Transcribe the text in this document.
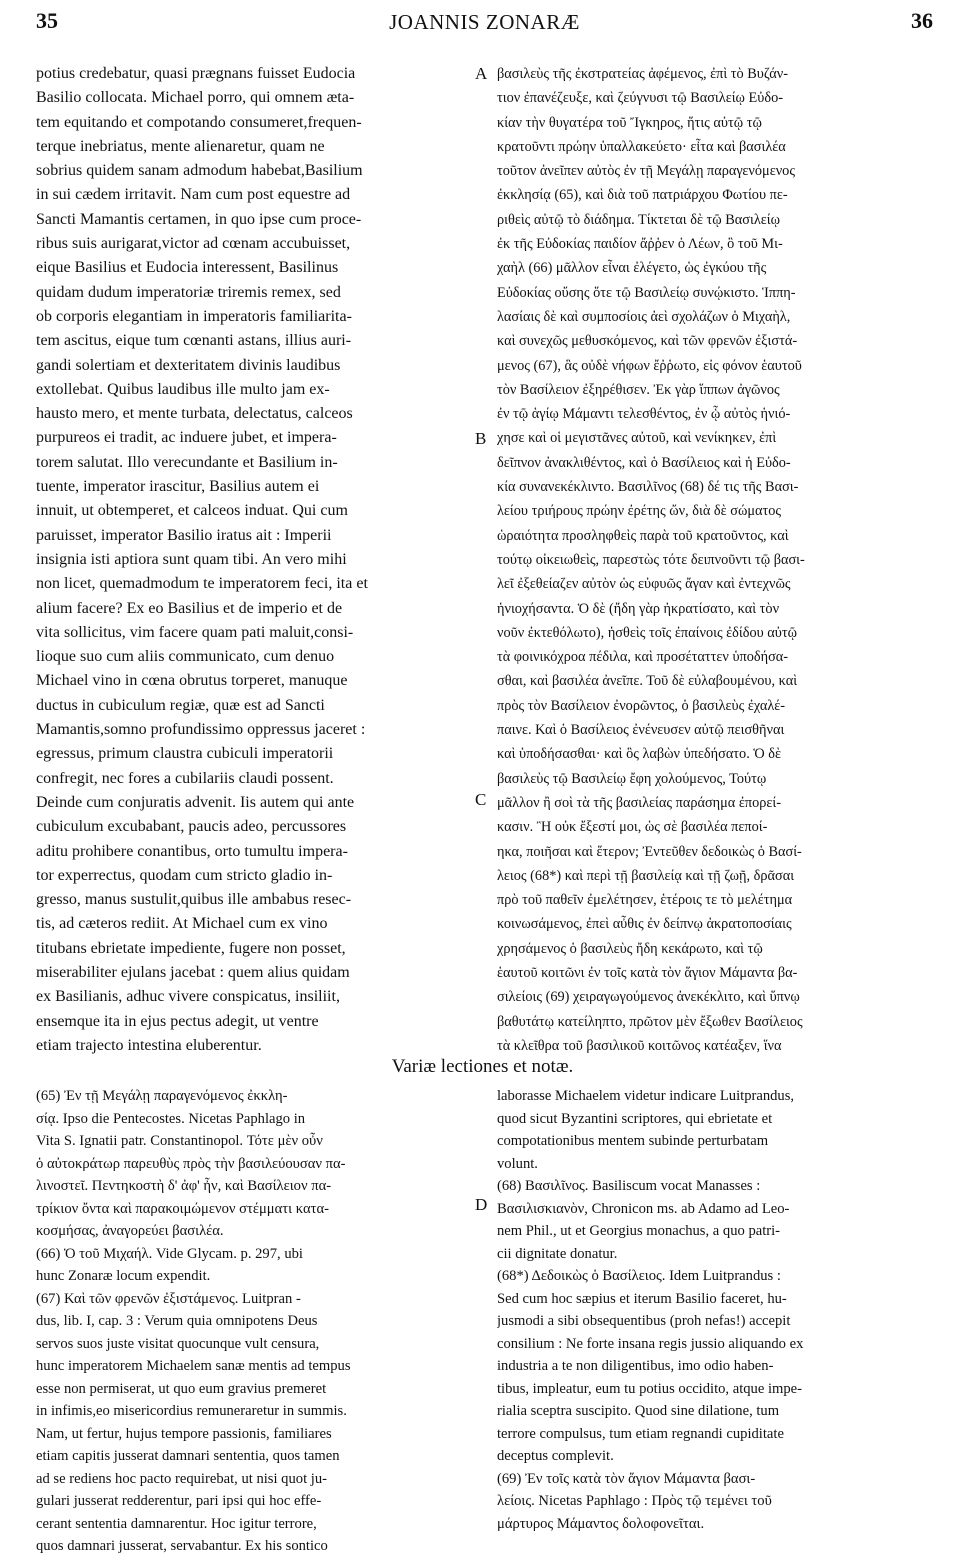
35	JOANNIS ZONARÆ	36
potius credebatur, quasi prægnans fuisset Eudocia
Basilio collocata. Michael porro, qui omnem æta-
tem equitando et compotando consumeret,frequen-
terque inebriatus, mente alienaretur, quam ne
sobrius quidem sanam admodum habebat,Basilium
in sui cædem irritavit. Nam cum post equestre ad
Sancti Mamantis certamen, in quo ipse cum proce-
ribus suis aurigarat,victor ad cœnam accubuisset,
eique Basilius et Eudocia interessent, Basilinus
quidam dudum imperatoriæ triremis remex, sed
ob corporis elegantiam in imperatoris familiarita-
tem ascitus, eique tum cœnanti astans, illius auri-
gandi solertiam et dexteritatem divinis laudibus
extollebat. Quibus laudibus ille multo jam ex-
hausto mero, et mente turbata, delectatus, calceos
purpureos ei tradit, ac induere jubet, et impera-
torem salutat. Illo verecundante et Basilium in-
tuente, imperator irascitur, Basilius autem ei
innuit, ut obtemperet, et calceos induat. Qui cum
paruisset, imperator Basilio iratus ait : Imperii
insignia isti aptiora sunt quam tibi. An vero mihi
non licet, quemadmodum te imperatorem feci, ita et
alium facere? Ex eo Basilius et de imperio et de
vita sollicitus, vim facere quam pati maluit,consi-
lioque suo cum aliis communicato, cum denuo
Michael vino in cœna obrutus torperet, manuque
ductus in cubiculum regiæ, quæ est ad Sancti
Mamantis,somno profundissimo oppressus jaceret :
egressus, primum claustra cubiculi imperatorii
confregit, nec fores a cubilariis claudi possent.
Deinde cum conjuratis advenit. Iis autem qui ante
cubiculum excubabant, paucis adeo, percussores
aditu prohibere conantibus, orto tumultu impera-
tor experrectus, quodam cum stricto gladio in-
gresso, manus sustulit,quibus ille ambabus resec-
tis, ad cæteros rediit. At Michael cum ex vino
titubans ebrietate impediente, fugere non posset,
miserabiliter ejulans jacebat : quem alius quidam
ex Basilianis, adhuc vivere conspicatus, insiliit,
ensemque ita in ejus pectus adegit, ut ventre
etiam trajecto intestina eluberentur.
βασιλεὺς τῆς ἐκστρατείας ἀφέμενος, ἐπὶ τὸ Βυζάν-
τιον ἐπανέζευξε, καὶ ζεύγνυσι τῷ Βασιλείῳ Εὐδο-
κίαν τὴν θυγατέρα τοῦ Ἴγκηρος, ἥτις αὐτῷ τῷ
κρατοῦντι πρώην ὑπαλλακεύετο· εἶτα καὶ βασιλέα
τοῦτον ἀνεῖπεν αὐτὸς ἐν τῇ Μεγάλῃ παραγενόμενος
ἐκκλησίᾳ (65), καὶ διὰ τοῦ πατριάρχου Φωτίου πε-
ριθεὶς αὐτῷ τὸ διάδημα. Τίκτεται δὲ τῷ Βασιλείῳ
ἐκ τῆς Εὐδοκίας παιδίον ἄῤῥεν ὁ Λέων, ὃ τοῦ Μι-
χαὴλ (66) μᾶλλον εἶναι ἐλέγετο, ὡς ἐγκύου τῆς
Εὐδοκίας οὔσης ὅτε τῷ Βασιλείῳ συνῴκιστο. Ἱππη-
λασίαις δὲ καὶ συμποσίοις ἀεὶ σχολάζων ὁ Μιχαὴλ,
καὶ συνεχῶς μεθυσκόμενος, καὶ τῶν φρενῶν ἐξιστά-
μενος (67), ἃς οὐδὲ νήφων ἔῤῥωτο, εἰς φόνον ἑαυτοῦ
τὸν Βασίλειον ἐξηρέθισεν. Ἐκ γὰρ ἵππων ἀγῶνος
ἐν τῷ ἁγίῳ Μάμαντι τελεσθέντος, ἐν ᾧ αὐτὸς ἡνιό-
χησε καὶ οἱ μεγιστᾶνες αὐτοῦ, καὶ νενίκηκεν, ἐπὶ
δεῖπνον ἀνακλιθέντος, καὶ ὁ Βασίλειος καὶ ἡ Εὐδο-
κία συνανεκέκλιντο. Βασιλῖνος (68) δέ τις τῆς Βασι-
λείου τριήρους πρώην ἐρέτης ὤν, διὰ δὲ σώματος
ὡραιότητα προσληφθεὶς παρὰ τοῦ κρατοῦντος, καὶ
τούτῳ οἰκειωθεὶς, παρεστὼς τότε δειπνοῦντι τῷ βασι-
λεῖ ἐξεθείαζεν αὐτὸν ὡς εὐφυῶς ἄγαν καὶ ἐντεχνῶς
ἡνιοχήσαντα. Ὁ δὲ (ἤδη γὰρ ἠκρατίσατο, καὶ τὸν
νοῦν ἐκτεθόλωτο), ἡσθεὶς τοῖς ἐπαίνοις ἐδίδου αὐτῷ
τὰ φοινικόχροα πέδιλα, καὶ προσέταττεν ὑποδήσα-
σθαι, καὶ βασιλέα ἀνεῖπε. Τοῦ δὲ εὐλαβουμένου, καὶ
πρὸς τὸν Βασίλειον ἐνορῶντος, ὁ βασιλεὺς ἐχαλέ-
παινε. Καὶ ὁ Βασίλειος ἐνένευσεν αὐτῷ πεισθῆναι
καὶ ὑποδήσασθαι· καὶ ὃς λαβὼν ὑπεδήσατο. Ὁ δὲ
βασιλεὺς τῷ Βασιλείῳ ἔφη χολούμενος, Τούτῳ
μᾶλλον ἢ σοὶ τὰ τῆς βασιλείας παράσημα ἐπορεί-
κασιν. Ἢ οὐκ ἔξεστί μοι, ὡς σὲ βασιλέα πεποί-
ηκα, ποιῆσαι καὶ ἕτερον; Ἐντεῦθεν δεδοικὼς ὁ Βασί-
λειος (68*) καὶ περὶ τῇ βασιλείᾳ καὶ τῇ ζωῇ, δρᾶσαι
πρὸ τοῦ παθεῖν ἐμελέτησεν, ἑτέροις τε τὸ μελέτημα
κοινωσάμενος, ἐπεὶ αὖθις ἐν δείπνῳ ἀκρατοποσίαις
χρησάμενος ὁ βασιλεὺς ἤδη κεκάρωτο, καὶ τῷ
ἑαυτοῦ κοιτῶνι ἐν τοῖς κατὰ τὸν ἅγιον Μάμαντα βα-
σιλείοις (69) χειραγωγούμενος ἀνεκέκλιτο, καὶ ὕπνῳ
βαθυτάτῳ κατείληπτο, πρῶτον μὲν ἔξωθεν Βασίλειος
τὰ κλεῖθρα τοῦ βασιλικοῦ κοιτῶνος κατέαξεν, ἵνα
A
B
C
D
Variæ lectiones et notæ.
(65) Ἐν τῇ Μεγάλῃ παραγενόμενος ἐκκλη-
σίᾳ. Ipso die Pentecostes. Nicetas Paphlago in
Vita S. Ignatii patr. Constantinopol. Τότε μὲν οὖν
ὁ αὐτοκράτωρ παρευθὺς πρὸς τὴν βασιλεύουσαν πα-
λινοστεῖ. Πεντηκοστὴ δ' ἀφ' ἦν, καὶ Βασίλειον πα-
τρίκιον ὄντα καὶ παρακοιμώμενον στέμματι κατα-
κοσμήσας, ἀναγορεύει βασιλέα.
(66) Ὁ τοῦ Μιχαήλ. Vide Glycam. p. 297, ubi
hunc Zonaræ locum expendit.
(67) Καὶ τῶν φρενῶν ἐξιστάμενος. Luitpran -
dus, lib. I, cap. 3 : Verum quia omnipotens Deus
servos suos juste visitat quocunque vult censura,
hunc imperatorem Michaelem sanæ mentis ad tempus
esse non permiserat, ut quo eum gravius premeret
in infimis,eo misericordius remuneraretur in summis.
Nam, ut fertur, hujus tempore passionis, familiares
etiam capitis jusserat damnari sententia, quos tamen
ad se rediens hoc pacto requirebat, ut nisi quot ju-
gulari jusserat redderentur, pari ipsi qui hoc effe-
cerant sententia damnarentur. Hoc igitur terrore,
quos damnari jusserat, servabantur. Ex his sontico
laborasse Michaelem videtur indicare Luitprandus,
quod sicut Byzantini scriptores, qui ebrietate et
compotationibus mentem subinde perturbatam
volunt.
(68) Βασιλῖνος. Basiliscum vocat Manasses :
Βασιλισκιανὸν, Chronicon ms. ab Adamo ad Leo-
nem Phil., ut et Georgius monachus, a quo patri-
cii dignitate donatur.
(68*) Δεδοικὼς ὁ Βασίλειος. Idem Luitprandus :
Sed cum hoc sæpius et iterum Basilio faceret, hu-
jusmodi a sibi obsequentibus (proh nefas!) accepit
consilium : Ne forte insana regis jussio aliquando ex
industria a te non diligentibus, imo odio haben-
tibus, impleatur, eum tu potius occidito, atque impe-
rialia sceptra suscipito. Quod sine dilatione, tum
terrore compulsus, tum etiam regnandi cupiditate
deceptus complevit.
(69) Ἐν τοῖς κατὰ τὸν ἅγιον Μάμαντα βασι-
λείοις. Nicetas Paphlago : Πρὸς τῷ τεμένει τοῦ
μάρτυρος Μάμαντος δολοφονεῖται.
